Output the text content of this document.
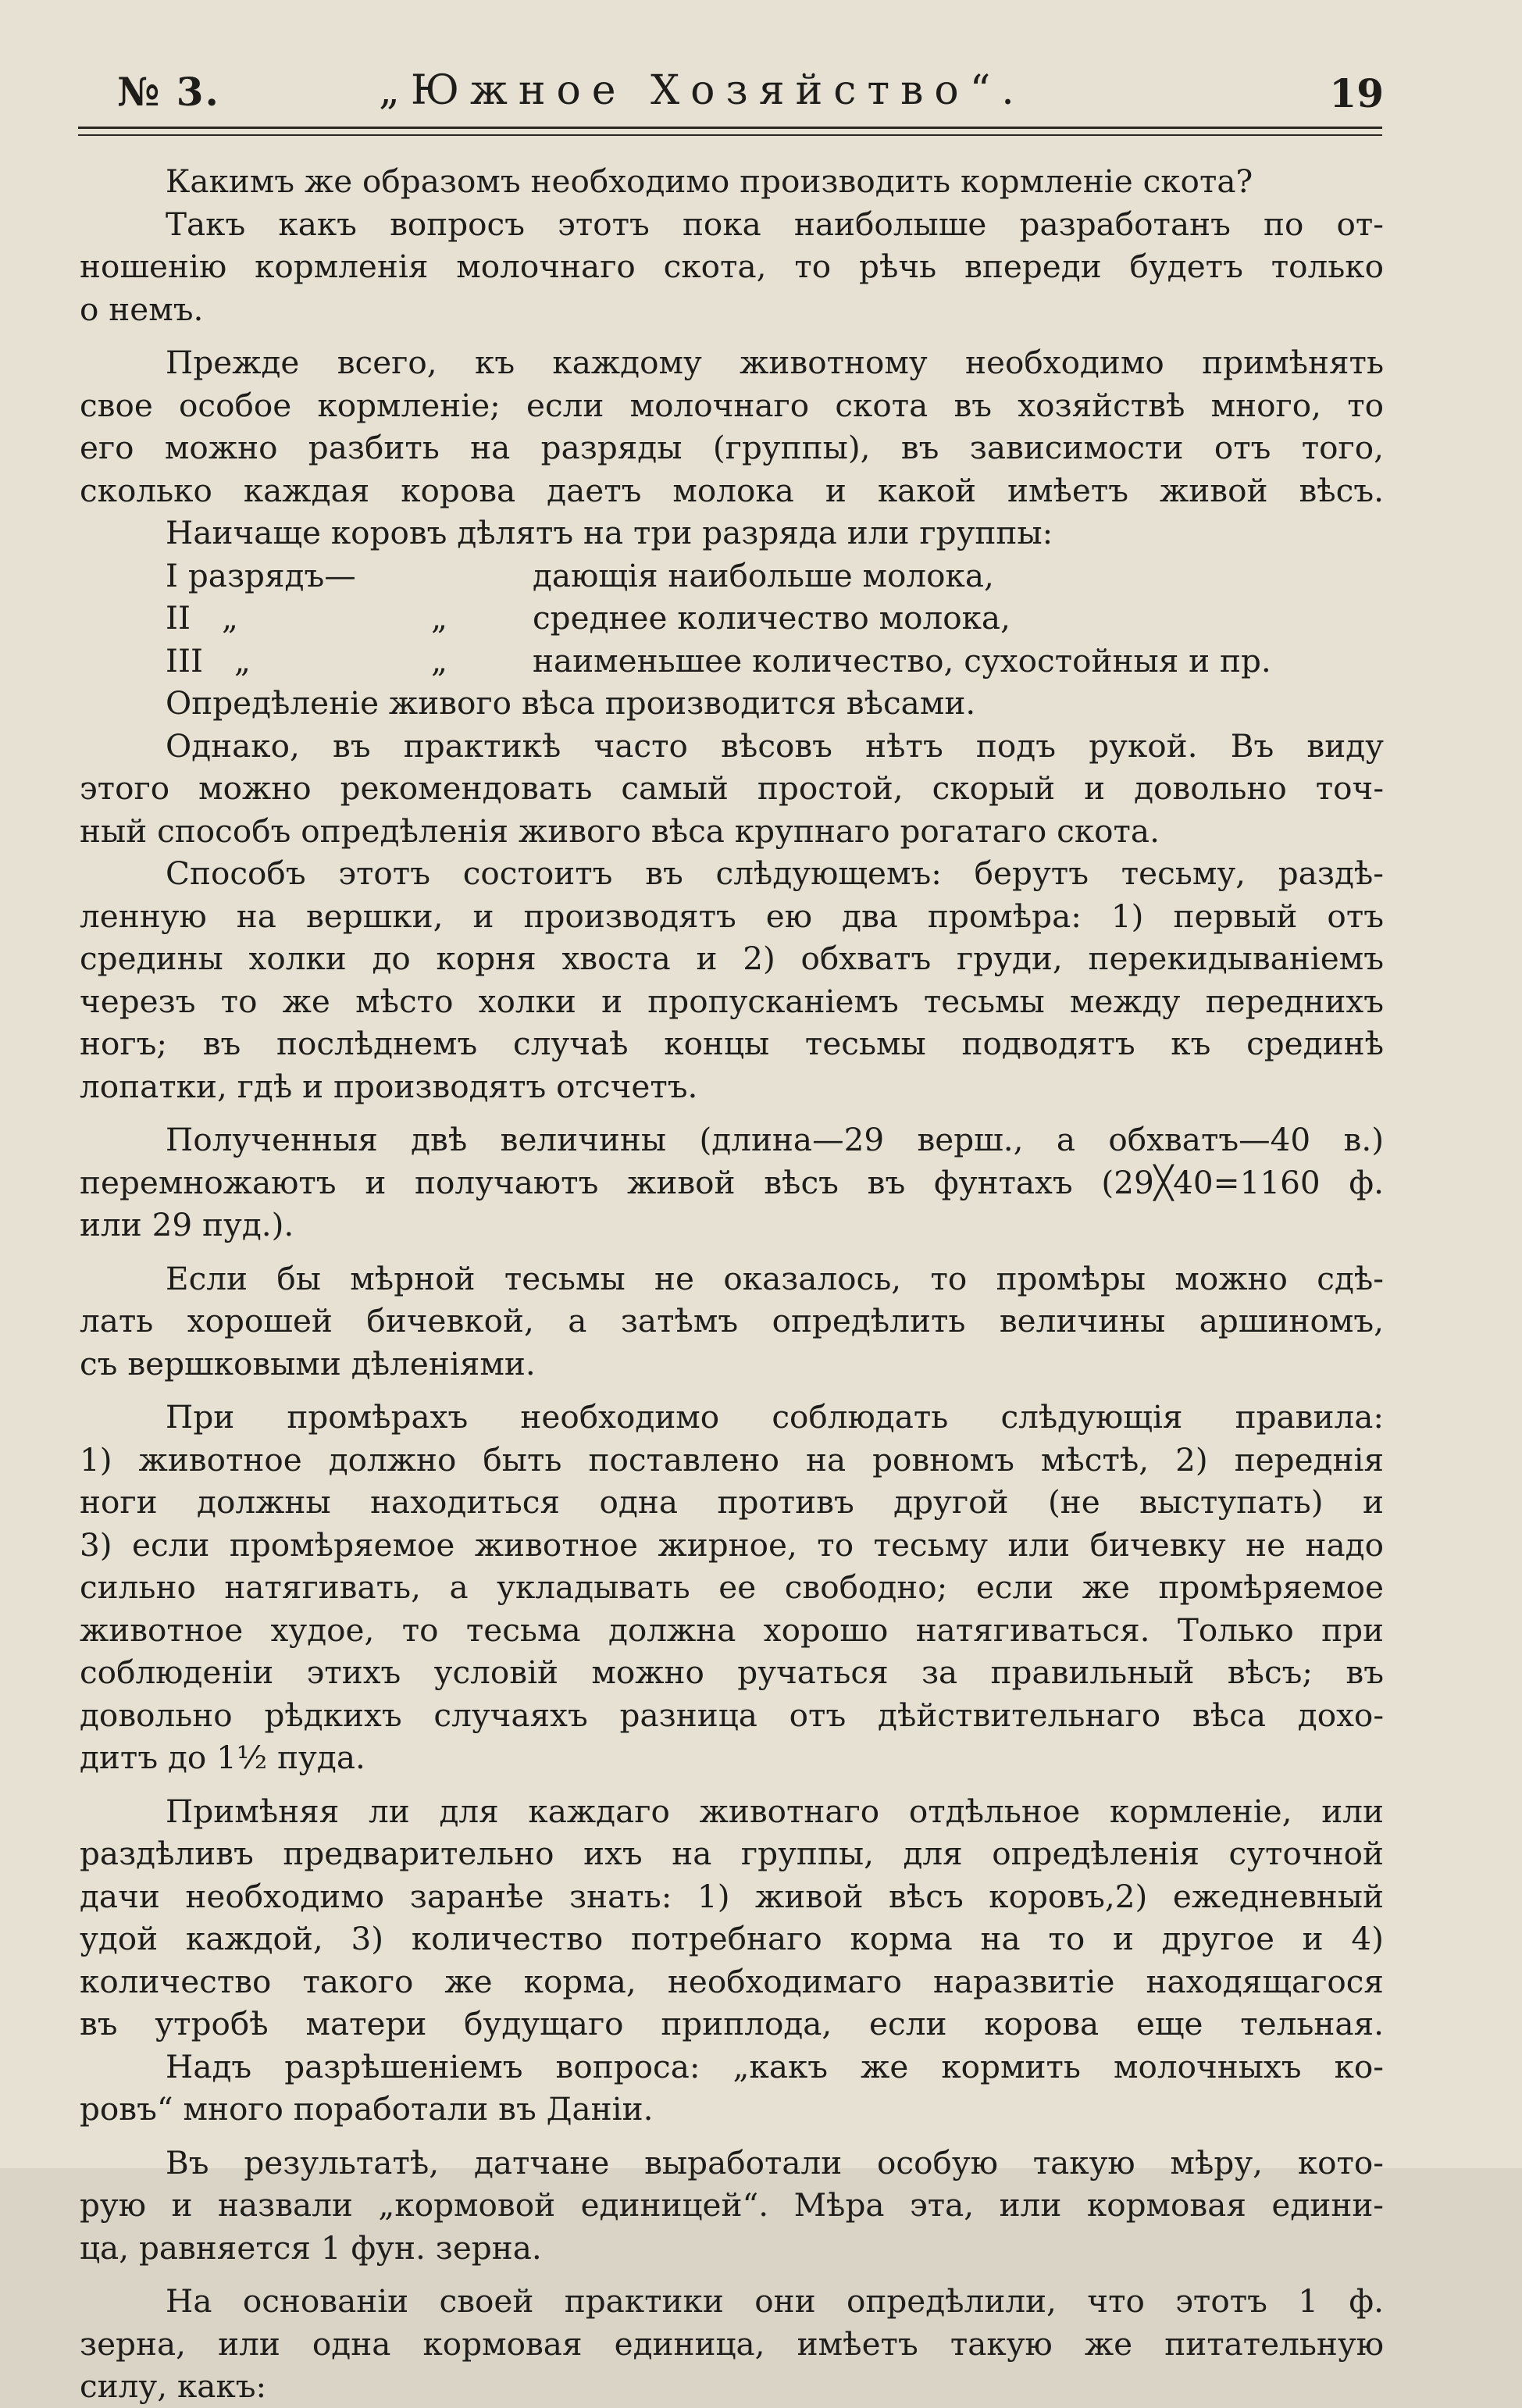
№ 3.	„Южное Хозяйство“.	19
Какимъ же образомъ необходимо производить кормленіе скота?
Такъ какъ вопросъ этотъ пока наиболыше разработанъ по от-
ношенію кормленія молочнаго скота, то рѣчь впереди будетъ только
о немъ.
Прежде всего, къ каждому животному необходимо примѣнять
свое особое кормленіе; если молочнаго скота въ хозяйствѣ много, то
его можно разбить на разряды (группы), въ зависимости отъ того,
сколько каждая корова даетъ молока и какой имѣетъ живой вѣсъ.
Наичаще коровъ дѣлятъ на три разряда или группы:
I разрядъ—	дающія наибольше молока,
II „	„	среднее количество молока,
III „	„	наименьшее количество, сухостойныя и пр.
Опредѣленіе живого вѣса производится вѣсами.
Однако, въ практикѣ часто вѣсовъ нѣтъ подъ рукой. Въ виду
этого можно рекомендовать самый простой, скорый и довольно точ-
ный способъ опредѣленія живого вѣса крупнаго рогатаго скота.
Способъ этотъ состоитъ въ слѣдующемъ: берутъ тесьму, раздѣ-
ленную на вершки, и производятъ ею два промѣра: 1) первый отъ
средины холки до корня хвоста и 2) обхватъ груди, перекидываніемъ
черезъ то же мѣсто холки и пропусканіемъ тесьмы между переднихъ
ногъ; въ послѣднемъ случаѣ концы тесьмы подводятъ къ срединѣ
лопатки, гдѣ и производятъ отсчетъ.
Полученныя двѣ величины (длина—29 верш., а обхватъ—40 в.)
перемножаютъ и получаютъ живой вѣсъ въ фунтахъ (29╳40=1160 ф.
или 29 пуд.).
Если бы мѣрной тесьмы не оказалось, то промѣры можно сдѣ-
лать хорошей бичевкой, а затѣмъ опредѣлить величины аршиномъ,
съ вершковыми дѣленіями.
При промѣрахъ необходимо соблюдать слѣдующія правила:
1) животное должно быть поставлено на ровномъ мѣстѣ, 2) переднія
ноги должны находиться одна противъ другой (не выступать) и
3) если промѣряемое животное жирное, то тесьму или бичевку не надо
сильно натягивать, а укладывать ее свободно; если же промѣряемое
животное худое, то тесьма должна хорошо натягиваться. Только при
соблюденіи этихъ условій можно ручаться за правильный вѣсъ; въ
довольно рѣдкихъ случаяхъ разница отъ дѣйствительнаго вѣса дохо-
дитъ до 1½ пуда.
Примѣняя ли для каждаго животнаго отдѣльное кормленіе, или
раздѣливъ предварительно ихъ на группы, для опредѣленія суточной
дачи необходимо заранѣе знать: 1) живой вѣсъ коровъ,2) ежедневный
удой каждой, 3) количество потребнаго корма на то и другое и 4)
количество такого же корма, необходимаго наразвитіе находящагося
въ утробѣ матери будущаго приплода, если корова еще тельная.
Надъ разрѣшеніемъ вопроса: „какъ же кормить молочныхъ ко-
ровъ“ много поработали въ Даніи.
Въ результатѣ, датчане выработали особую такую мѣру, кото-
рую и назвали „кормовой единицей“. Мѣра эта, или кормовая едини-
ца, равняется 1 фун. зерна.
На основаніи своей практики они опредѣлили, что этотъ 1 ф.
зерна, или одна кормовая единица, имѣетъ такую же питательную
силу, какъ:
